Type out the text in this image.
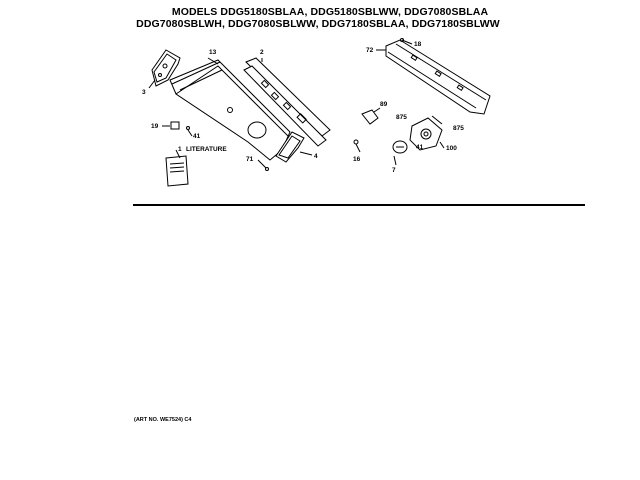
MODELS DDG5180SBLAA, DDG5180SBLWW, DDG7080SBLAA
DDG7080SBLWH, DDG7080SBLWW, DDG7180SBLAA, DDG7180SBLWW
13	2
3
19
41
1 LITERATURE
71	4
72
18
89
875
875
16
7
41	100
(ART NO. WE7524) C4
